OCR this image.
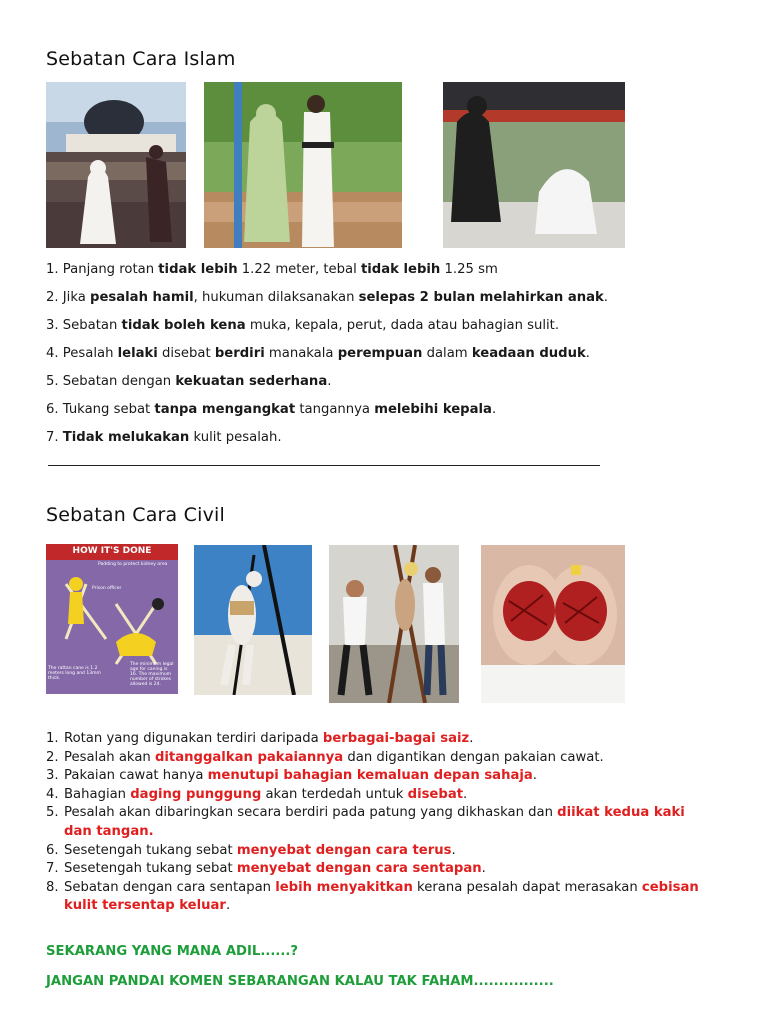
Sebatan Cara Islam
1. Panjang rotan tidak lebih 1.22 meter, tebal tidak lebih 1.25 sm
2. Jika pesalah hamil, hukuman dilaksanakan selepas 2 bulan melahirkan anak.
3. Sebatan tidak boleh kena muka, kepala, perut, dada atau bahagian sulit.
4. Pesalah lelaki disebat berdiri manakala perempuan dalam keadaan duduk.
5. Sebatan dengan kekuatan sederhana.
6. Tukang sebat tanpa mengangkat tangannya melebihi kepala.
7. Tidak melukakan kulit pesalah.
Sebatan Cara Civil
HOW IT'S DONE
Padding to protect kidney area
Prison officer
The rattan cane is 1.2 meters long and 13mm thick.
The minimum legal age for caning is 16. The maximum number of strokes allowed is 24.
1. Rotan yang digunakan terdiri daripada berbagai-bagai saiz.
2. Pesalah akan ditanggalkan pakaiannya dan digantikan dengan pakaian cawat.
3. Pakaian cawat hanya menutupi bahagian kemaluan depan sahaja.
4. Bahagian daging punggung akan terdedah untuk disebat.
5. Pesalah akan dibaringkan secara berdiri pada patung yang dikhaskan dan diikat kedua kaki dan tangan.
6. Sesetengah tukang sebat menyebat dengan cara terus.
7. Sesetengah tukang sebat menyebat dengan cara sentapan.
8. Sebatan dengan cara sentapan lebih menyakitkan kerana pesalah dapat merasakan cebisan kulit tersentap keluar.
SEKARANG YANG MANA ADIL......?
JANGAN PANDAI KOMEN SEBARANGAN KALAU TAK FAHAM................
